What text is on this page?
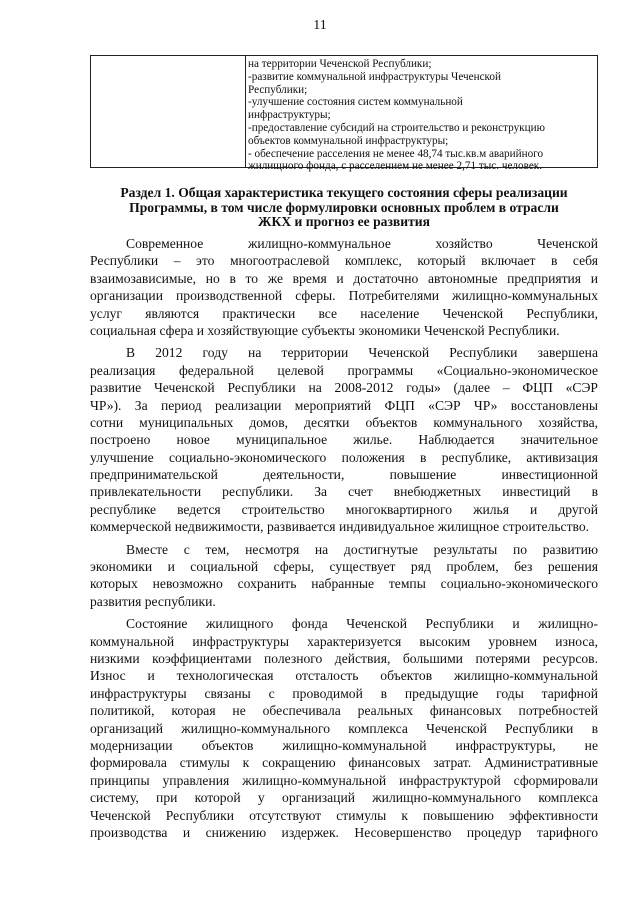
11
на территории Чеченской Республики;
-развитие коммунальной инфраструктуры Чеченской
Республики;
-улучшение состояния систем коммунальной
инфраструктуры;
-предоставление субсидий на строительство и реконструкцию
объектов коммунальной инфраструктуры;
- обеспечение расселения не менее 48,74 тыс.кв.м аварийного
жилищного фонда, с расселением не менее 2,71 тыс. человек.
Раздел 1. Общая характеристика текущего состояния сферы реализации
Программы, в том числе формулировки основных проблем в отрасли
ЖКХ и прогноз ее развития
Современное жилищно-коммунальное хозяйство Чеченской
Республики – это многоотраслевой комплекс, который включает в себя
взаимозависимые, но в то же время и достаточно автономные предприятия и
организации производственной сферы. Потребителями жилищно-коммунальных
услуг являются практически все население Чеченской Республики,
социальная сфера и хозяйствующие субъекты экономики Чеченской Республики.
В 2012 году на территории Чеченской Республики завершена
реализация федеральной целевой программы «Социально-экономическое
развитие Чеченской Республики на 2008-2012 годы» (далее – ФЦП «СЭР
ЧР»). За период реализации мероприятий ФЦП «СЭР ЧР» восстановлены
сотни муниципальных домов, десятки объектов коммунального хозяйства,
построено новое муниципальное жилье. Наблюдается значительное
улучшение социально-экономического положения в республике, активизация
предпринимательской деятельности, повышение инвестиционной
привлекательности республики. За счет внебюджетных инвестиций в
республике ведется строительство многоквартирного жилья и другой
коммерческой недвижимости, развивается индивидуальное жилищное строительство.
Вместе с тем, несмотря на достигнутые результаты по развитию
экономики и социальной сферы, существует ряд проблем, без решения
которых невозможно сохранить набранные темпы социально-экономического
развития республики.
Состояние жилищного фонда Чеченской Республики и жилищно-
коммунальной инфраструктуры характеризуется высоким уровнем износа,
низкими коэффициентами полезного действия, большими потерями ресурсов.
Износ и технологическая отсталость объектов жилищно-коммунальной
инфраструктуры связаны с проводимой в предыдущие годы тарифной
политикой, которая не обеспечивала реальных финансовых потребностей
организаций жилищно-коммунального комплекса Чеченской Республики в
модернизации объектов жилищно-коммунальной инфраструктуры, не
формировала стимулы к сокращению финансовых затрат. Административные
принципы управления жилищно-коммунальной инфраструктурой сформировали
систему, при которой у организаций жилищно-коммунального комплекса
Чеченской Республики отсутствуют стимулы к повышению эффективности
производства и снижению издержек. Несовершенство процедур тарифного
